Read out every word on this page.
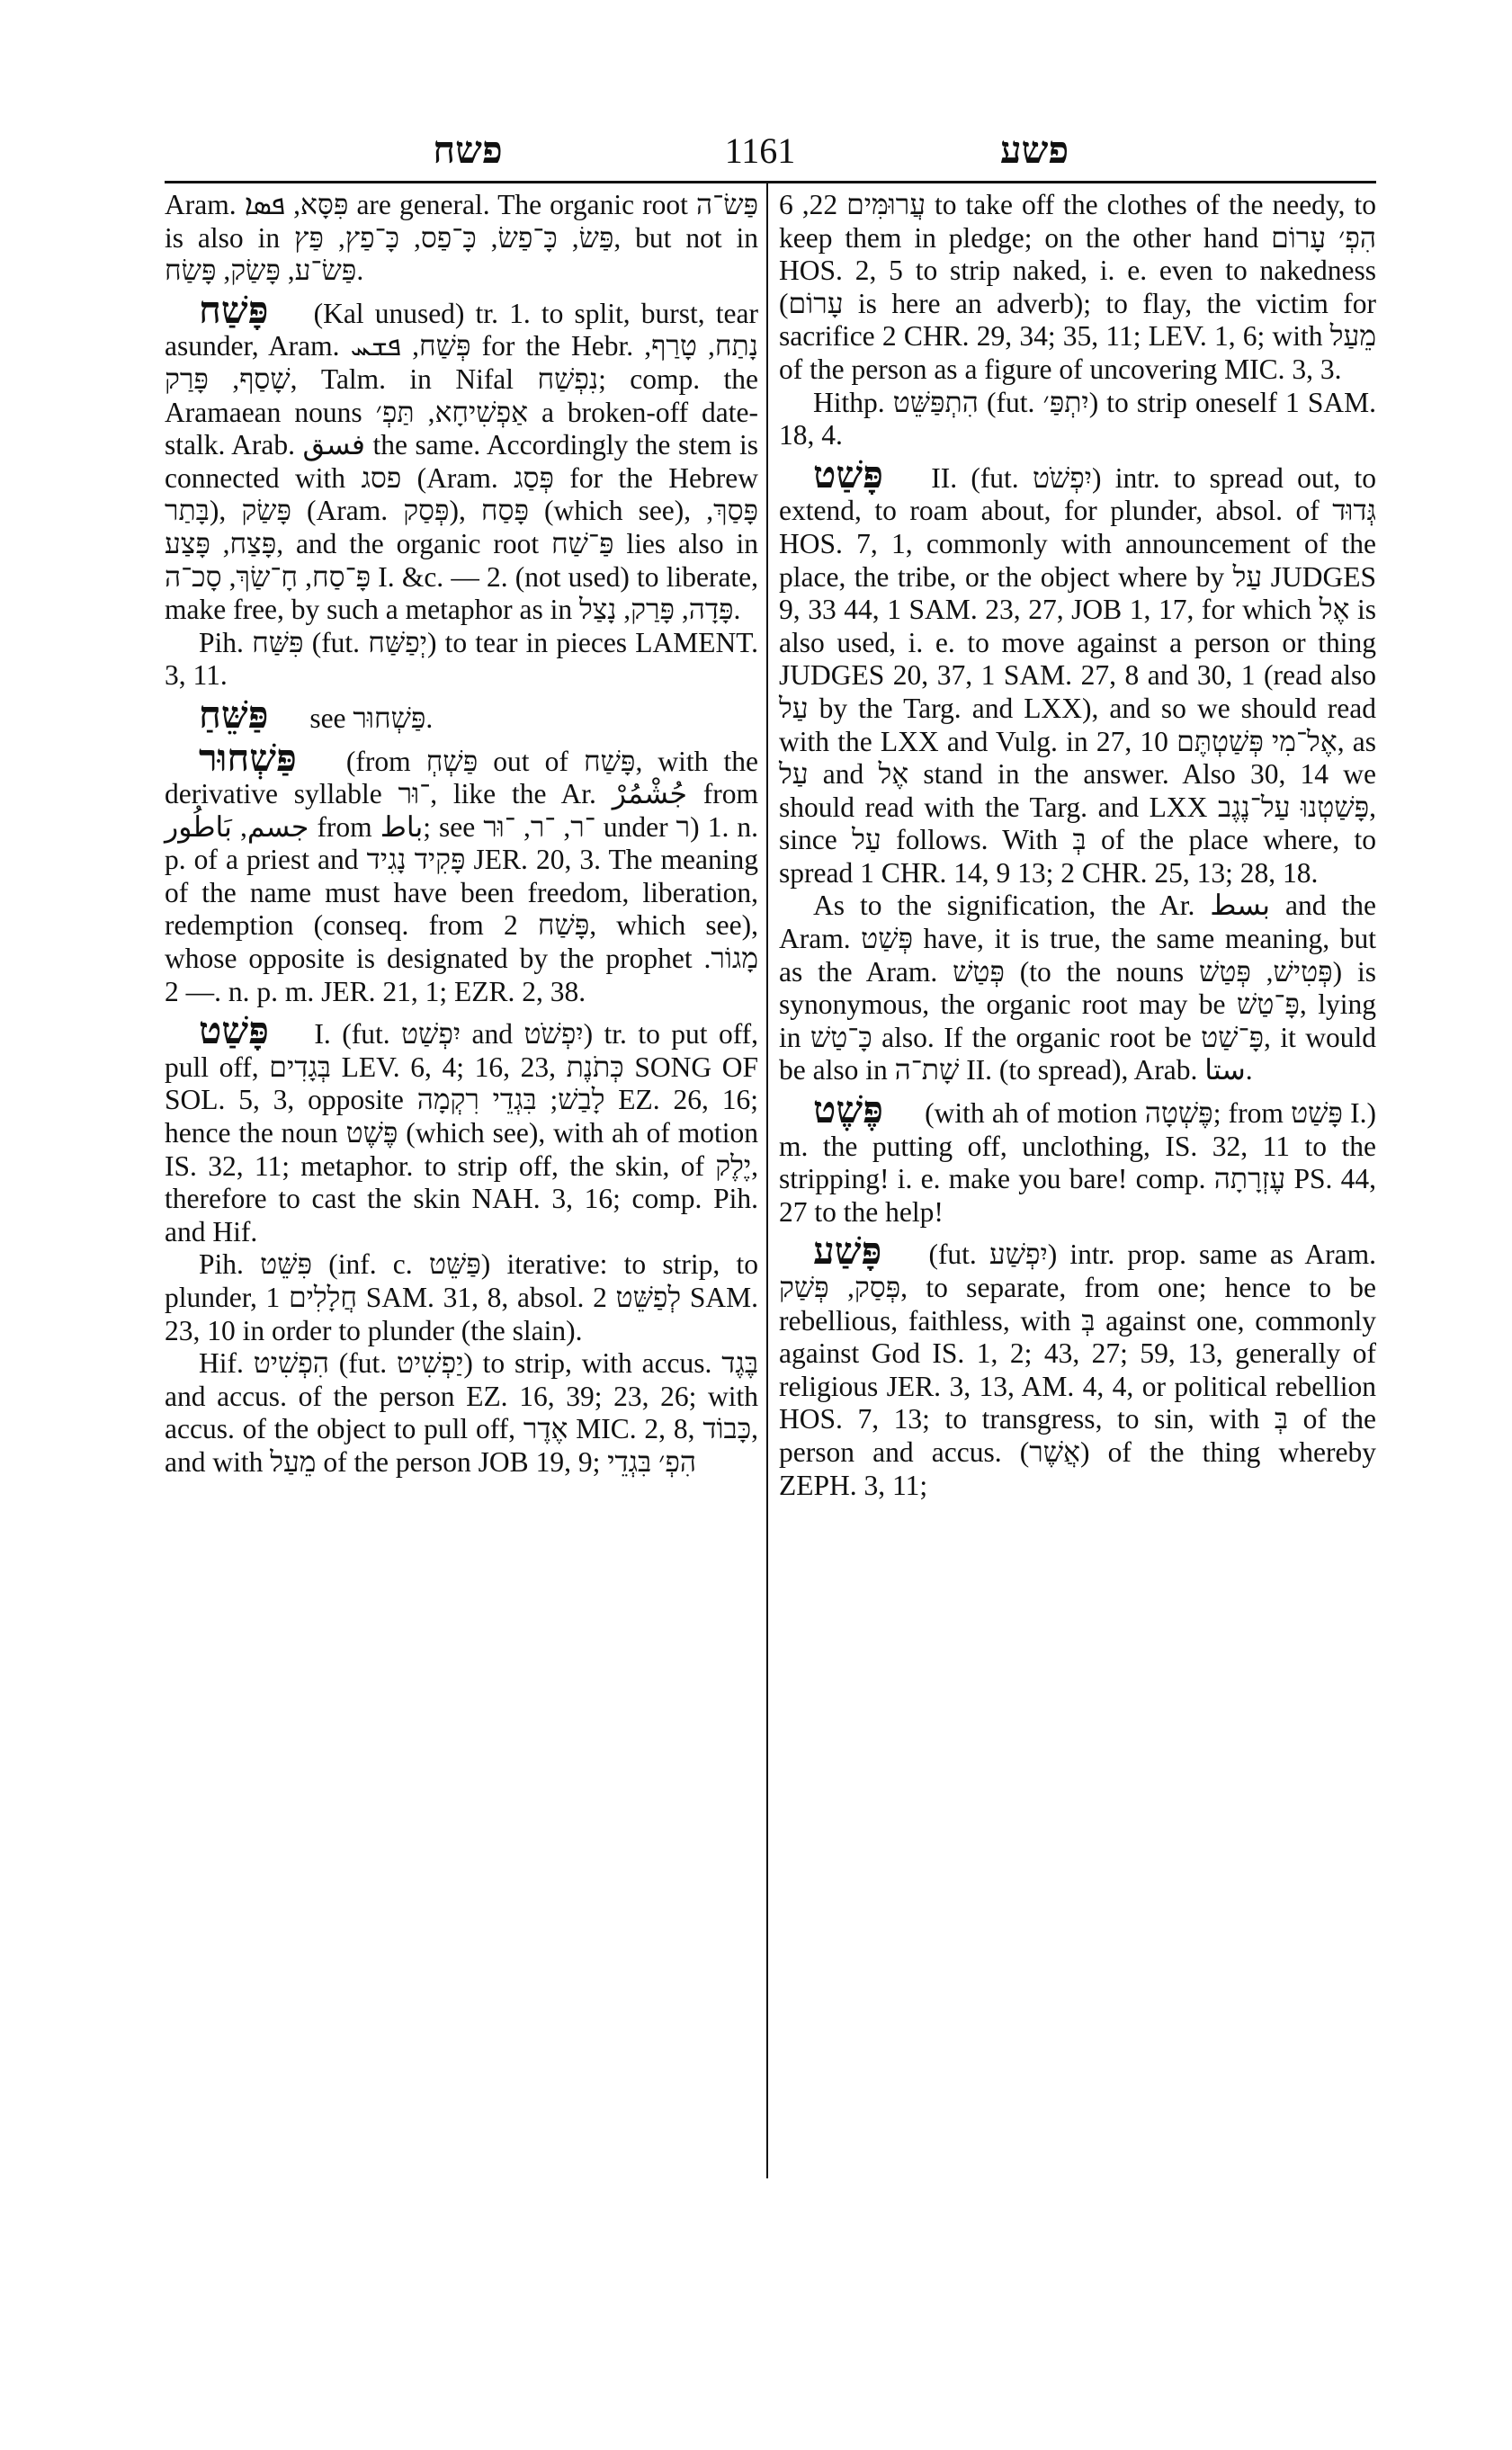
פשח	1161	פשע

Aram. פִּסָּא, ܦܣܐ are general. The organic root פַּשׂ־ה is also in פַּשׂ, כָּ־פַשׂ, כָּ־פַס, כָּ־פַץ, פַּץ, but not in פַּשׂ־ע, פָּשַׂק, פָּשַׂח.

פָּשַׁח (Kal unused) tr. 1. to split, burst, tear asunder, Aram. פְּשַׁח, ܦܫܚ for the Hebr. נָתַח, טָרַף, שָׁסַף, פָּרַק, Talm. in Nifal נִפְשַׁח; comp. the Aramaean nouns אַפְשִׁיחָא, תַּפְ׳ a broken-off date-stalk. Arab. فسق the same. Accordingly the stem is connected with פסג (Aram. פְּסַג for the Hebrew בָּתַר), פָּשַׂק (Aram. פְּסַק), פָּסַח (which see), פָּסַךְ, פָּצַח, פָּצַע, and the organic root פַּ־שַׁח lies also in פָּ־סַח, חָ־שַׂךְ, סָכ־ה I. &c. — 2. (not used) to liberate, make free, by such a metaphor as in פָּדָה, פָּרַק, נָצַל.

Pih. פִּשַּׁח (fut. יְפַשַּׁח) to tear in pieces LAMENT. 3, 11.

פַּשֵּׁחַ see פַּשְׁחוּר.

פַּשְׁחוּר (from פַּשְׁחְ out of פָּשַׁח, with the derivative syllable ־וּר, like the Ar. جُشْمُرْ from جسم, بَاطُور from باط; see ־ר, ־ר, ־וּר under ר) 1. n. p. of a priest and פָּקִיד נָגִיד JER. 20, 3. The meaning of the name must have been freedom, liberation, redemption (conseq. from פָּשַׁח 2, which see), whose opposite is designated by the prophet מָגוֹר. — 2. n. p. m. JER. 21, 1; EZR. 2, 38.

פָּשַׁט I. (fut. יִפְשַׁט and יִפְשֹׁט) tr. to put off, pull off, בְּגָדִים LEV. 6, 4; 16, 23, כְּתֹנֶת SONG OF SOL. 5, 3, opposite לָבַשׁ; בִּגְדֵי רִקְמָה EZ. 26, 16; hence the noun פֶּשֶׁט (which see), with ah of motion IS. 32, 11; metaphor. to strip off, the skin, of יֶלֶק, therefore to cast the skin NAH. 3, 16; comp. Pih. and Hif.

Pih. פִּשֵּׁט (inf. c. פַּשֵּׁט) iterative: to strip, to plunder, חֲלָלִים 1 SAM. 31, 8, absol. לְפַשֵּׁט 2 SAM. 23, 10 in order to plunder (the slain).

Hif. הִפְשִׁיט (fut. יַפְשִׁיט) to strip, with accus. בֶּגֶד and accus. of the person EZ. 16, 39; 23, 26; with accus. of the object to pull off, אֶדֶר MIC. 2, 8, כָּבוֹד, and with מֵעַל of the person JOB 19, 9; הִפְ׳ בִּגְדֵי

עֲרוּמִּים 22, 6 to take off the clothes of the needy, to keep them in pledge; on the other hand הִפְ׳ עָרוֹם HOS. 2, 5 to strip naked, i. e. even to nakedness (עָרוֹם is here an adverb); to flay, the victim for sacrifice 2 CHR. 29, 34; 35, 11; LEV. 1, 6; with מֵעַל of the person as a figure of uncovering MIC. 3, 3.

Hithp. הִתְפַּשֵּׁט (fut. יִתְפַּ׳) to strip oneself 1 SAM. 18, 4.

פָּשַׁט II. (fut. יִפְשֹׁט) intr. to spread out, to extend, to roam about, for plunder, absol. of גְּדוּד HOS. 7, 1, commonly with announcement of the place, the tribe, or the object where by עַל JUDGES 9, 33 44, 1 SAM. 23, 27, JOB 1, 17, for which אֶל is also used, i. e. to move against a person or thing JUDGES 20, 37, 1 SAM. 27, 8 and 30, 1 (read also עַל by the Targ. and LXX), and so we should read with the LXX and Vulg. in 27, 10 אֶל־מִי פְּשַׁטְתֶּם, as עַל and אֶל stand in the answer. Also 30, 14 we should read with the Targ. and LXX פָּשַׁטְנוּ עַל־נֶגֶב, since עַל follows. With בְּ of the place where, to spread 1 CHR. 14, 9 13; 2 CHR. 25, 13; 28, 18.

As to the signification, the Ar. بسط and the Aram. פְּשַׁט have, it is true, the same meaning, but as the Aram. פְּטַשׁ (to the nouns פְּטִישׁ, פְּטַשׁ) is synonymous, the organic root may be פָּ־טַשׁ, lying in כָּ־טַשׁ also. If the organic root be פָּ־שַׁט, it would be also in שָׁת־ה II. (to spread), Arab. ستا.

פֶּשֶׁט (with ah of motion פֶּשְׁטָה; from פָּשַׁט I.) m. the putting off, unclothing, IS. 32, 11 to the stripping! i. e. make you bare! comp. עֶזְרָתָה PS. 44, 27 to the help!

פָּשַׁע (fut. יִפְשַׁע) intr. prop. same as Aram. פְּסַק, פְּשַׁק, to separate, from one; hence to be rebellious, faithless, with בְּ against one, commonly against God IS. 1, 2; 43, 27; 59, 13, generally of religious JER. 3, 13, AM. 4, 4, or political rebellion HOS. 7, 13; to transgress, to sin, with בְּ of the person and accus. (אֲשֶׁר) of the thing whereby ZEPH. 3, 11;
